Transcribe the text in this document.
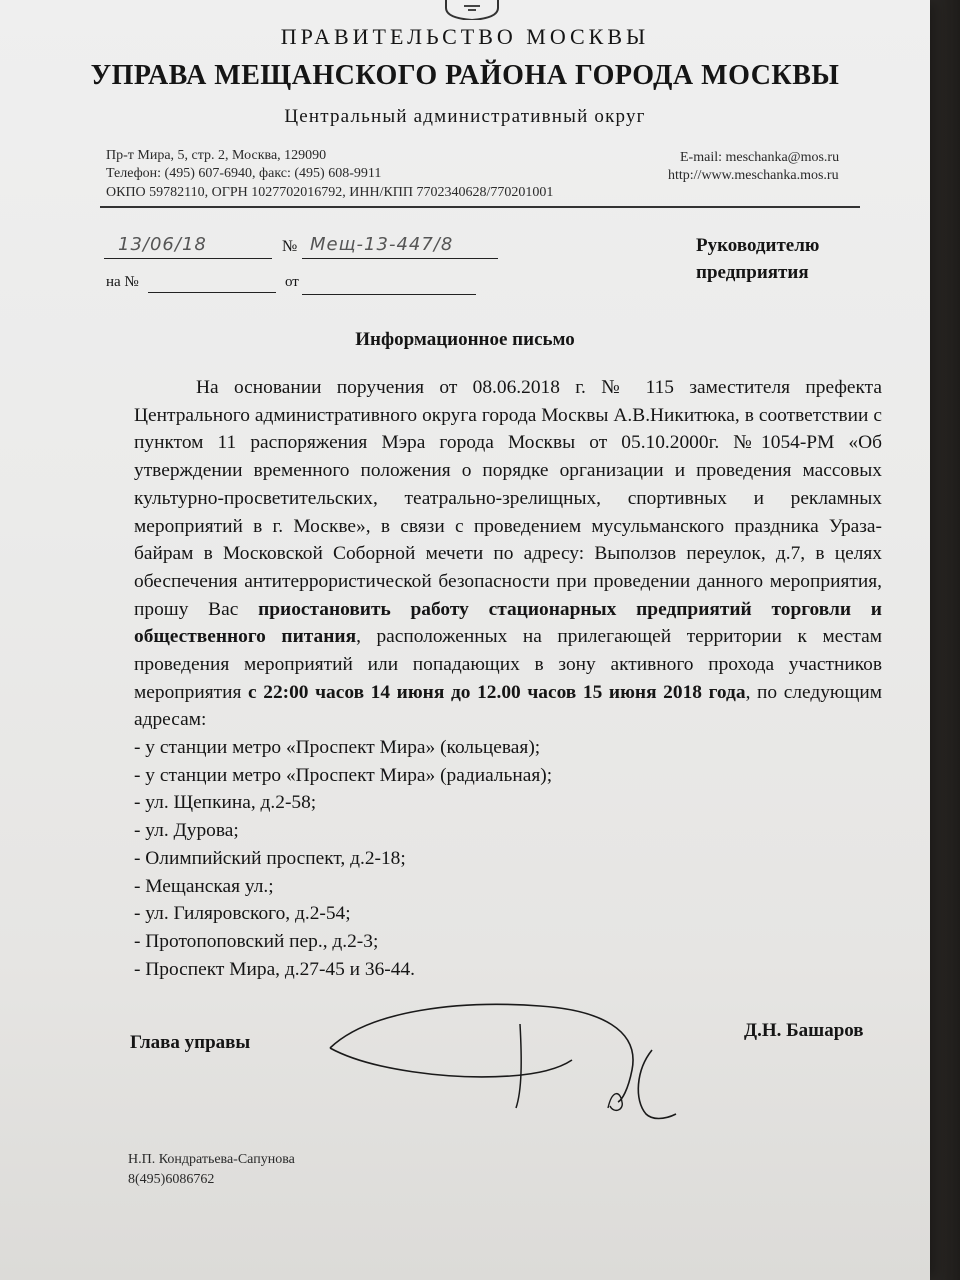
ПРАВИТЕЛЬСТВО МОСКВЫ
УПРАВА МЕЩАНСКОГО РАЙОНА ГОРОДА МОСКВЫ
Центральный административный округ
Пр-т Мира, 5, стр. 2, Москва, 129090
Телефон: (495) 607-6940, факс: (495) 608-9911
ОКПО 59782110, ОГРН 1027702016792, ИНН/КПП 7702340628/770201001
E-mail: meschanka@mos.ru
http://www.meschanka.mos.ru
13/06/18	№ Мещ-13-447/8
на №	от
Руководителю
предприятия
Информационное письмо

На основании поручения от 08.06.2018 г. № 115 заместителя префекта Центрального административного округа города Москвы А.В.Никитюка, в соответствии с пунктом 11 распоряжения Мэра города Москвы от 05.10.2000г. №1054-РМ «Об утверждении временного положения о порядке организации и проведения массовых культурно-просветительских, театрально-зрелищных, спортивных и рекламных мероприятий в г. Москве», в связи с проведением мусульманского праздника Ураза-байрам в Московской Соборной мечети по адресу: Выползов переулок, д.7, в целях обеспечения антитеррористической безопасности при проведении данного мероприятия, прошу Вас приостановить работу стационарных предприятий торговли и общественного питания, расположенных на прилегающей территории к местам проведения мероприятий или попадающих в зону активного прохода участников мероприятия с 22:00 часов 14 июня до 12.00 часов 15 июня 2018 года, по следующим адресам:

- у станции метро «Проспект Мира» (кольцевая);
- у станции метро «Проспект Мира» (радиальная);
- ул. Щепкина, д.2-58;
- ул. Дурова;
- Олимпийский проспект, д.2-18;
- Мещанская ул.;
- ул. Гиляровского, д.2-54;
- Протопоповский пер., д.2-3;
- Проспект Мира, д.27-45 и 36-44.
Глава управы
Д.Н. Башаров
Н.П. Кондратьева-Сапунова
8(495)6086762
